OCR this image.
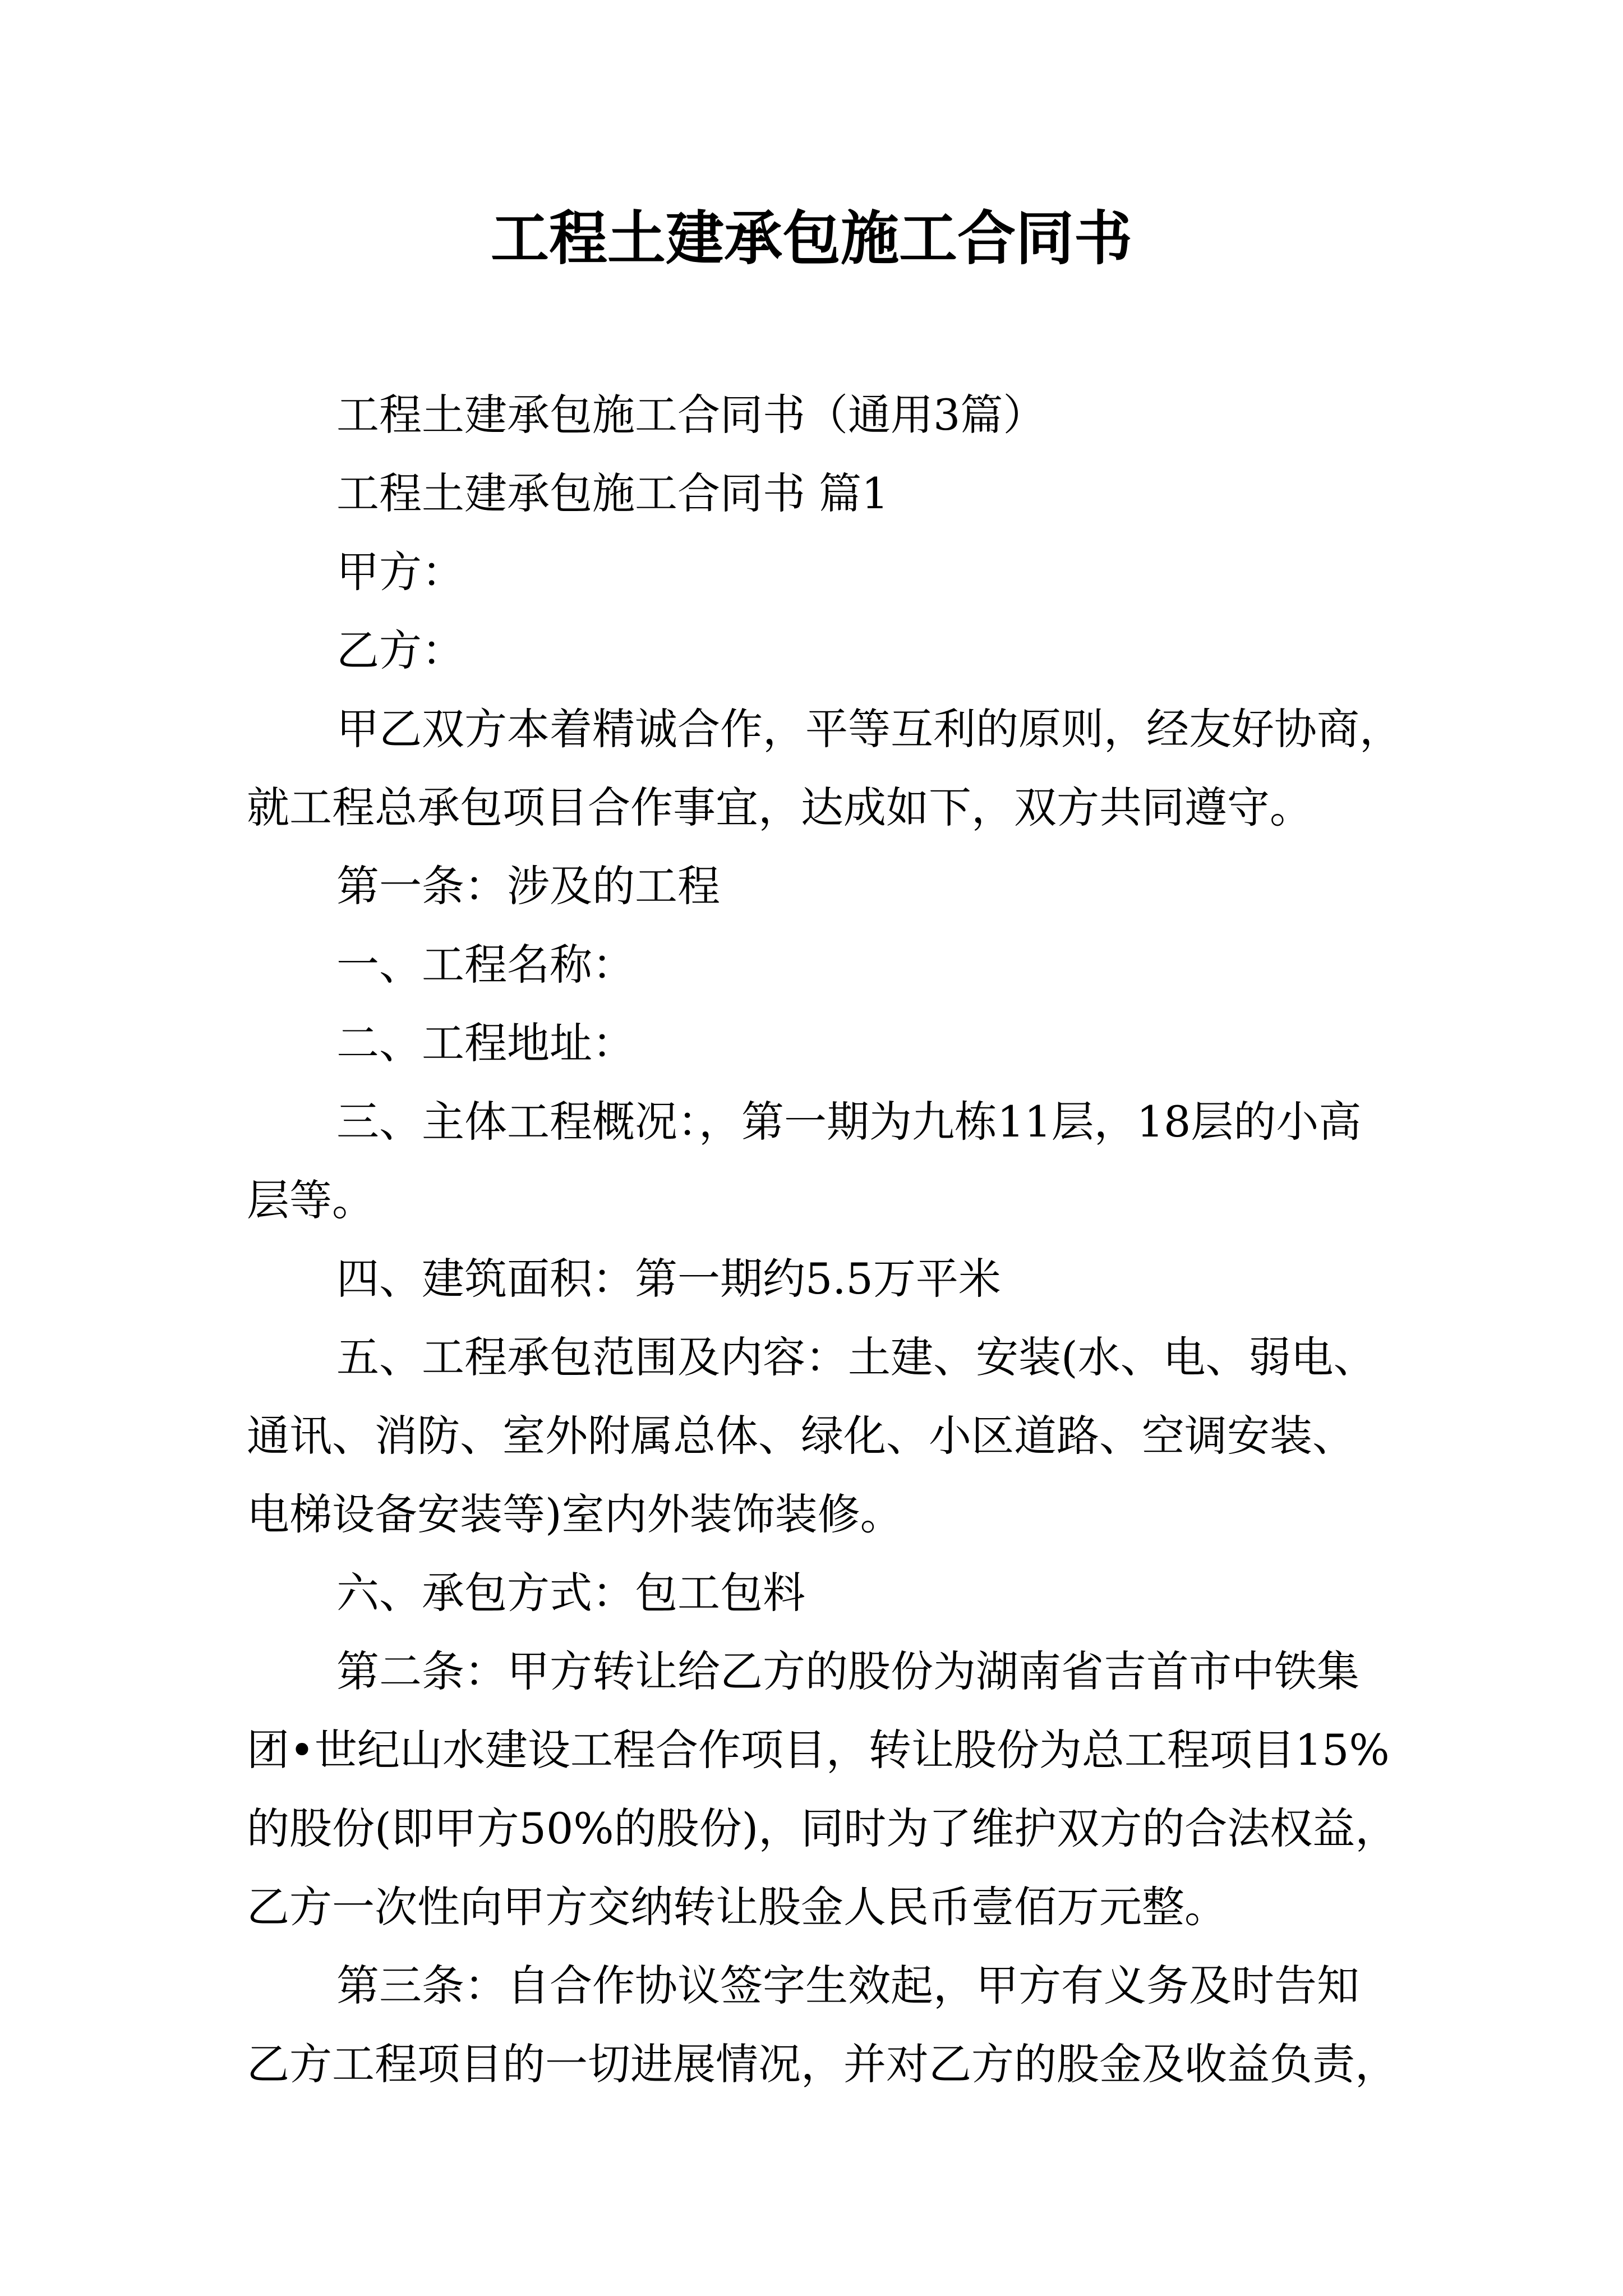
工程土建承包施工合同书
工程土建承包施工合同书（通用3篇）
工程土建承包施工合同书 篇1
甲方：
乙方：
甲乙双方本着精诚合作，平等互利的原则，经友好协商，
就工程总承包项目合作事宜，达成如下，双方共同遵守。
第一条：涉及的工程
一、工程名称：
二、工程地址：
三、主体工程概况：，第一期为九栋11层，18层的小高
层等。
四、建筑面积：第一期约5.5万平米
五、工程承包范围及内容：土建、安装(水、电、弱电、
通讯、消防、室外附属总体、绿化、小区道路、空调安装、
电梯设备安装等)室内外装饰装修。
六、承包方式：包工包料
第二条：甲方转让给乙方的股份为湖南省吉首市中铁集
团•世纪山水建设工程合作项目，转让股份为总工程项目15%
的股份(即甲方50%的股份)，同时为了维护双方的合法权益，
乙方一次性向甲方交纳转让股金人民币壹佰万元整。
第三条：自合作协议签字生效起，甲方有义务及时告知
乙方工程项目的一切进展情况，并对乙方的股金及收益负责，
